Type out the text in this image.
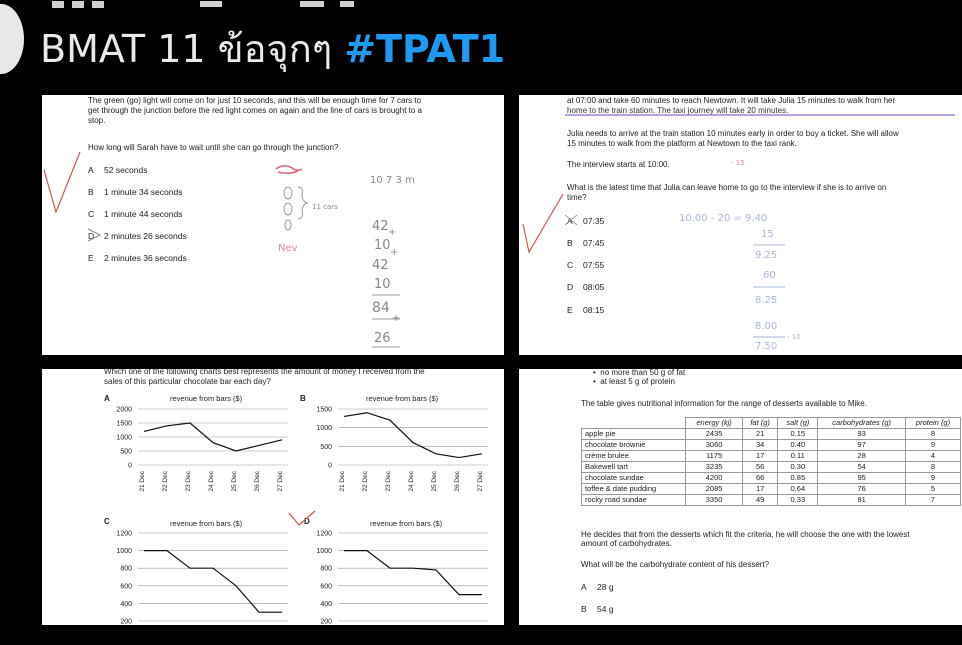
BMAT 11 ข้อจุกๆ #TPAT1
The green (go) light will come on for just 10 seconds, and this will be enough time for 7 cars to
get through the junction before the red light comes on again and the line of cars is brought to a
stop.
How long will Sarah have to wait until she can go through the junction?
A 52 seconds
B 1 minute 34 seconds
C 1 minute 44 seconds
D 2 minutes 26 seconds
E 2 minutes 36 seconds
10 7 3 m
11 cars
Nev
42 +
10 +
42
10
84
+
26
at 07:00 and take 60 minutes to reach Newtown. It will take Julia 15 minutes to walk from her
home to the train station. The taxi journey will take 20 minutes.
Julia needs to arrive at the train station 10 minutes early in order to buy a ticket. She will allow
15 minutes to walk from the platform at Newtown to the taxi rank.
The interview starts at 10:00.	- 15
What is the latest time that Julia can leave home to go to the interview if she is to arrive on
time?
A 07:35
B 07:45
C 07:55
D 08:05
E 08:15
10.00 - 20 = 9.40
15
9.25
60
8.25
8.00
- 10
7.50
Which one of the following charts best represents the amount of money I received from the
sales of this particular chocolate bar each day?
A	revenue from bars ($)
0
500
1000
1500
2000
21 Dec 22 Dec 23 Dec 24 Dec 25 Dec 26 Dec 27 Dec
B	revenue from bars ($)
0
500
1000
1500
21 Dec 22 Dec 23 Dec 24 Dec 25 Dec 26 Dec 27 Dec
C	revenue from bars ($)
200
400
600
800
1000
1200
D	revenue from bars ($)
200
400
600
800
1000
1200
•  no more than 50 g of fat
•  at least 5 g of protein
The table gives nutritional information for the range of desserts available to Mike.
	energy (kj)	fat (g)	salt (g)	carbohydrates (g)	protein (g)
apple pie	2435	21	0.15	93	8
chocolate brownie	3060	34	0.40	97	9
crème brulee	1175	17	0.11	28	4
Bakewell tart	3235	56	0.30	54	8
chocolate sundae	4200	66	0.85	95	9
toffee & date pudding	2085	17	0.64	76	5
rocky road sundae	3350	49	0.33	81	7
He decides that from the desserts which fit the criteria, he will choose the one with the lowest
amount of carbohydrates.
What will be the carbohydrate content of his dessert?
A 28 g
B 54 g
